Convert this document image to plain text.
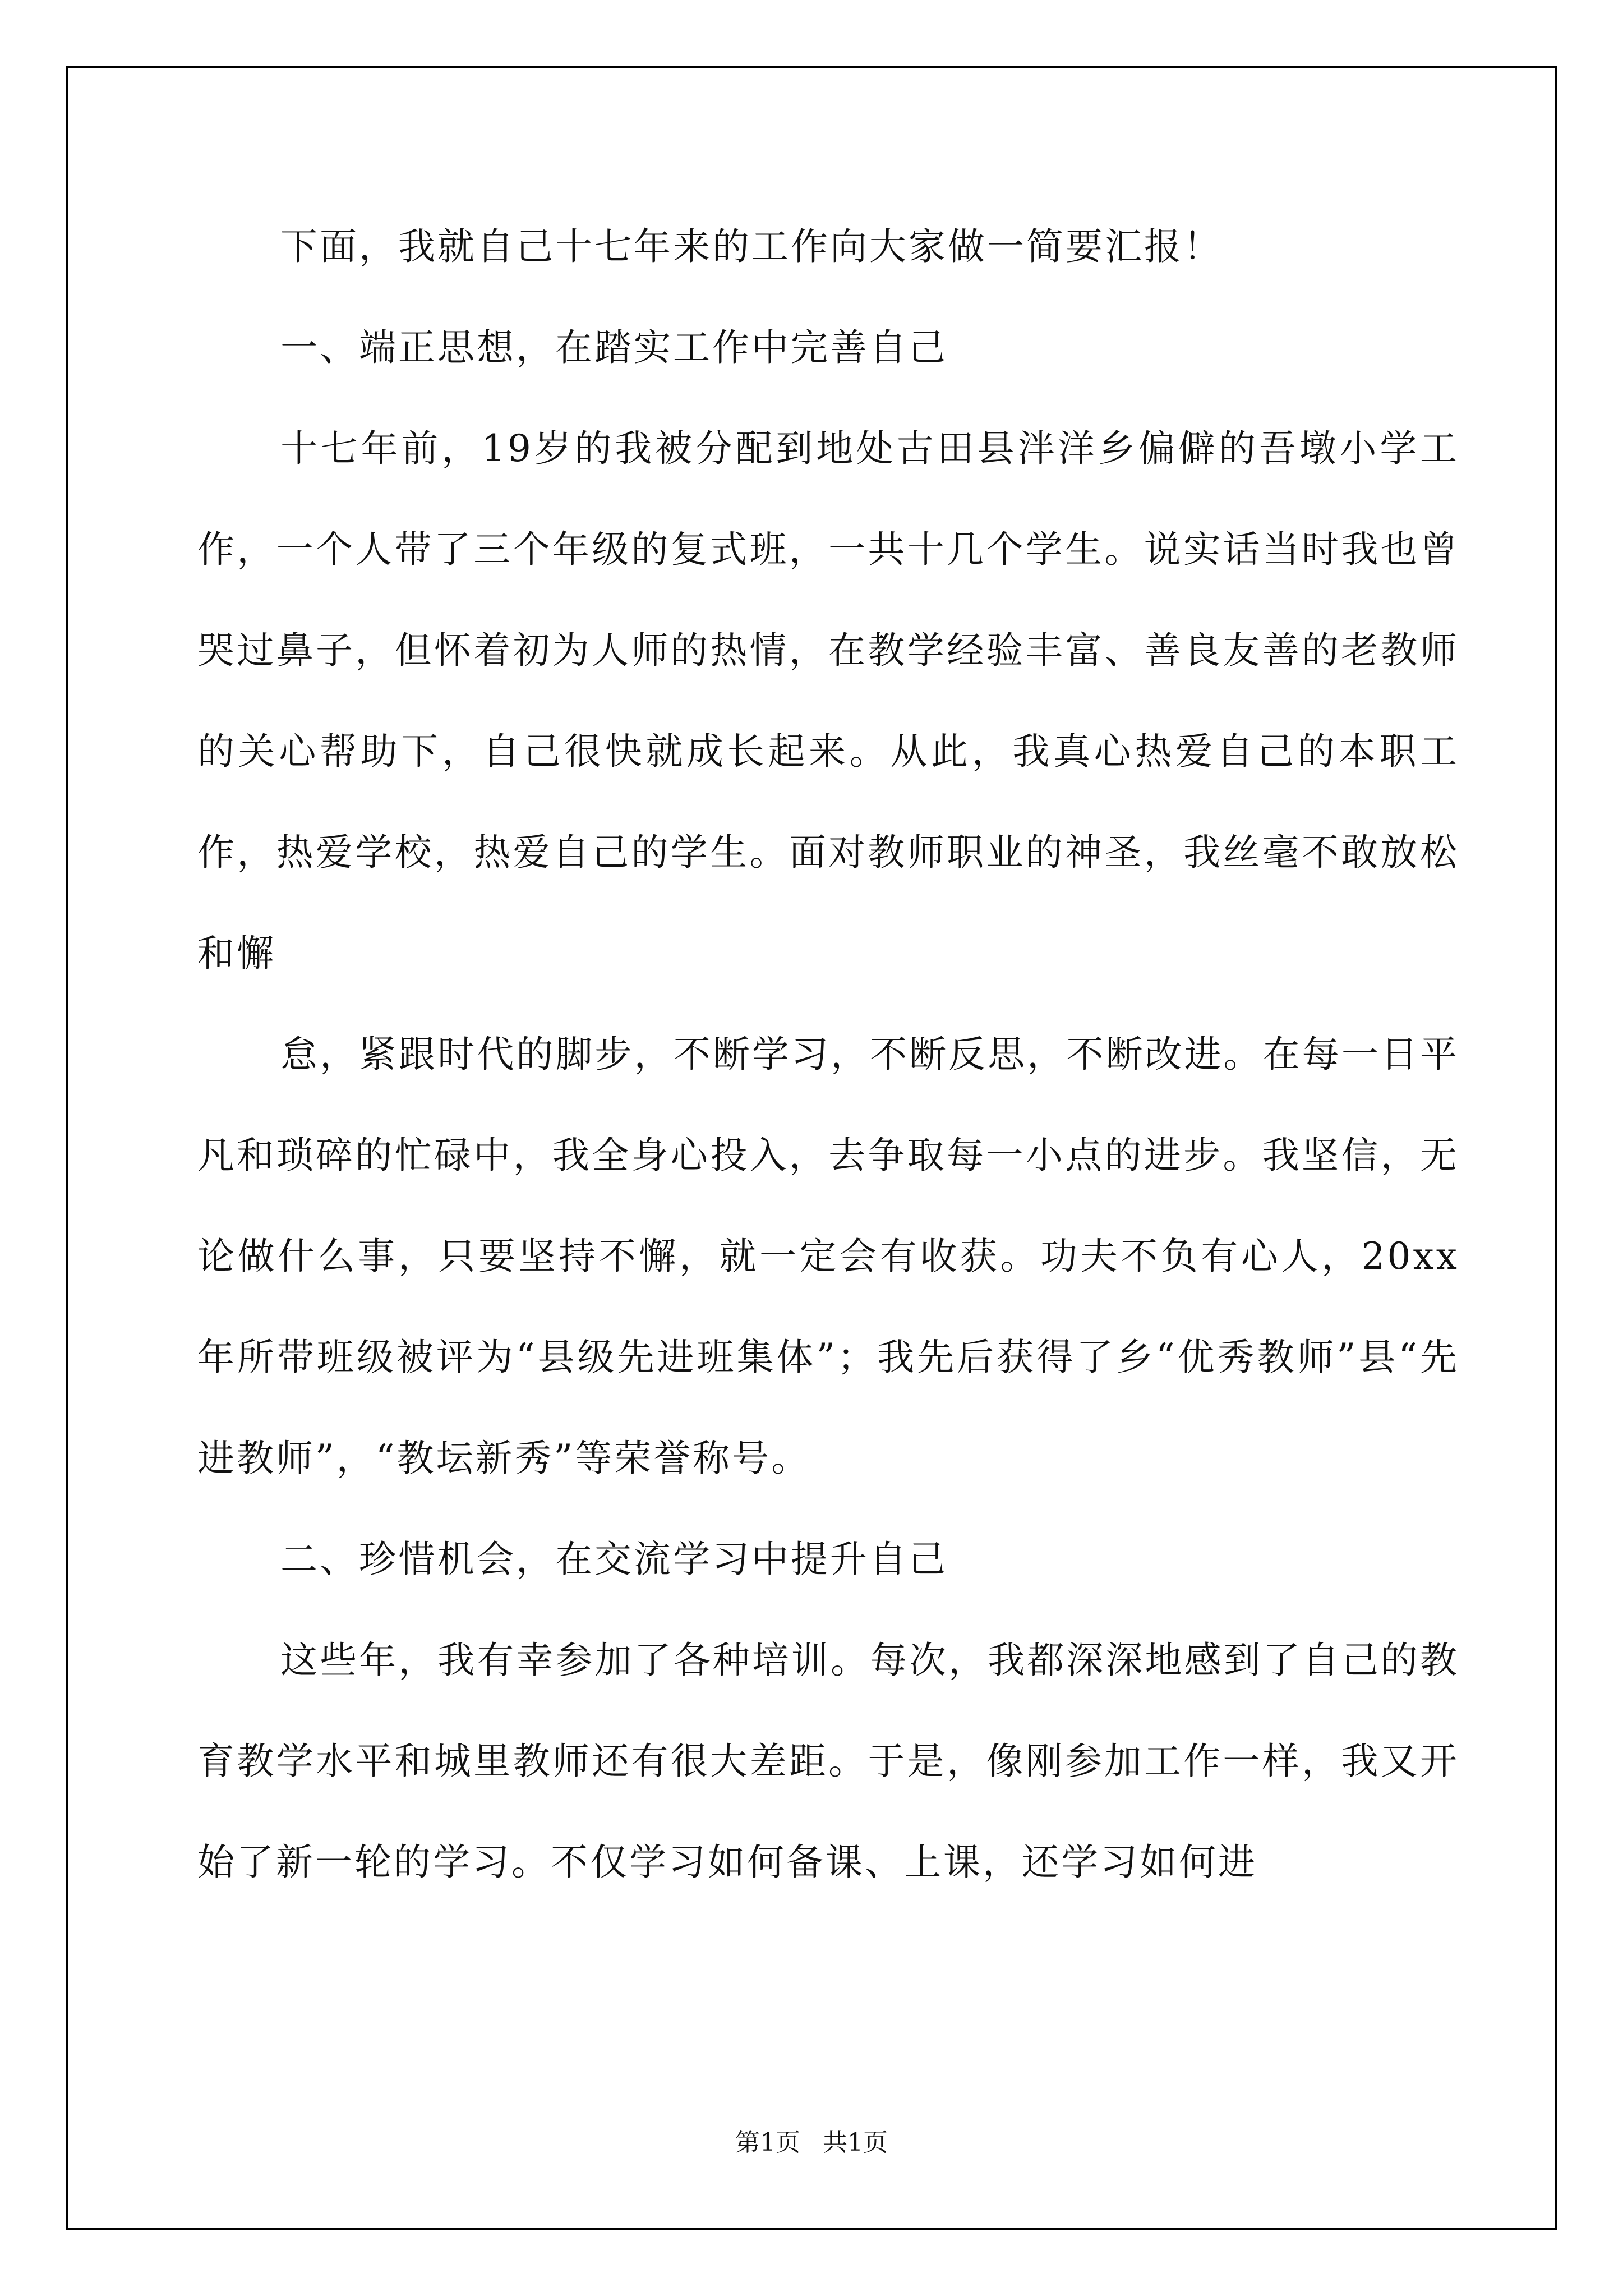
下面，我就自己十七年来的工作向大家做一简要汇报！

一、端正思想，在踏实工作中完善自己

十七年前，19岁的我被分配到地处古田县泮洋乡偏僻的吾墩小学工作，一个人带了三个年级的复式班，一共十几个学生。说实话当时我也曾哭过鼻子，但怀着初为人师的热情，在教学经验丰富、善良友善的老教师的关心帮助下，自己很快就成长起来。从此，我真心热爱自己的本职工作，热爱学校，热爱自己的学生。面对教师职业的神圣，我丝毫不敢放松和懈

怠，紧跟时代的脚步，不断学习，不断反思，不断改进。在每一日平凡和琐碎的忙碌中，我全身心投入，去争取每一小点的进步。我坚信，无论做什么事，只要坚持不懈，就一定会有收获。功夫不负有心人，20xx年所带班级被评为“县级先进班集体”；我先后获得了乡“优秀教师”县“先进教师”，“教坛新秀”等荣誉称号。

二、珍惜机会，在交流学习中提升自己

这些年，我有幸参加了各种培训。每次，我都深深地感到了自己的教育教学水平和城里教师还有很大差距。于是，像刚参加工作一样，我又开始了新一轮的学习。不仅学习如何备课、上课，还学习如何进

第1页 共1页
